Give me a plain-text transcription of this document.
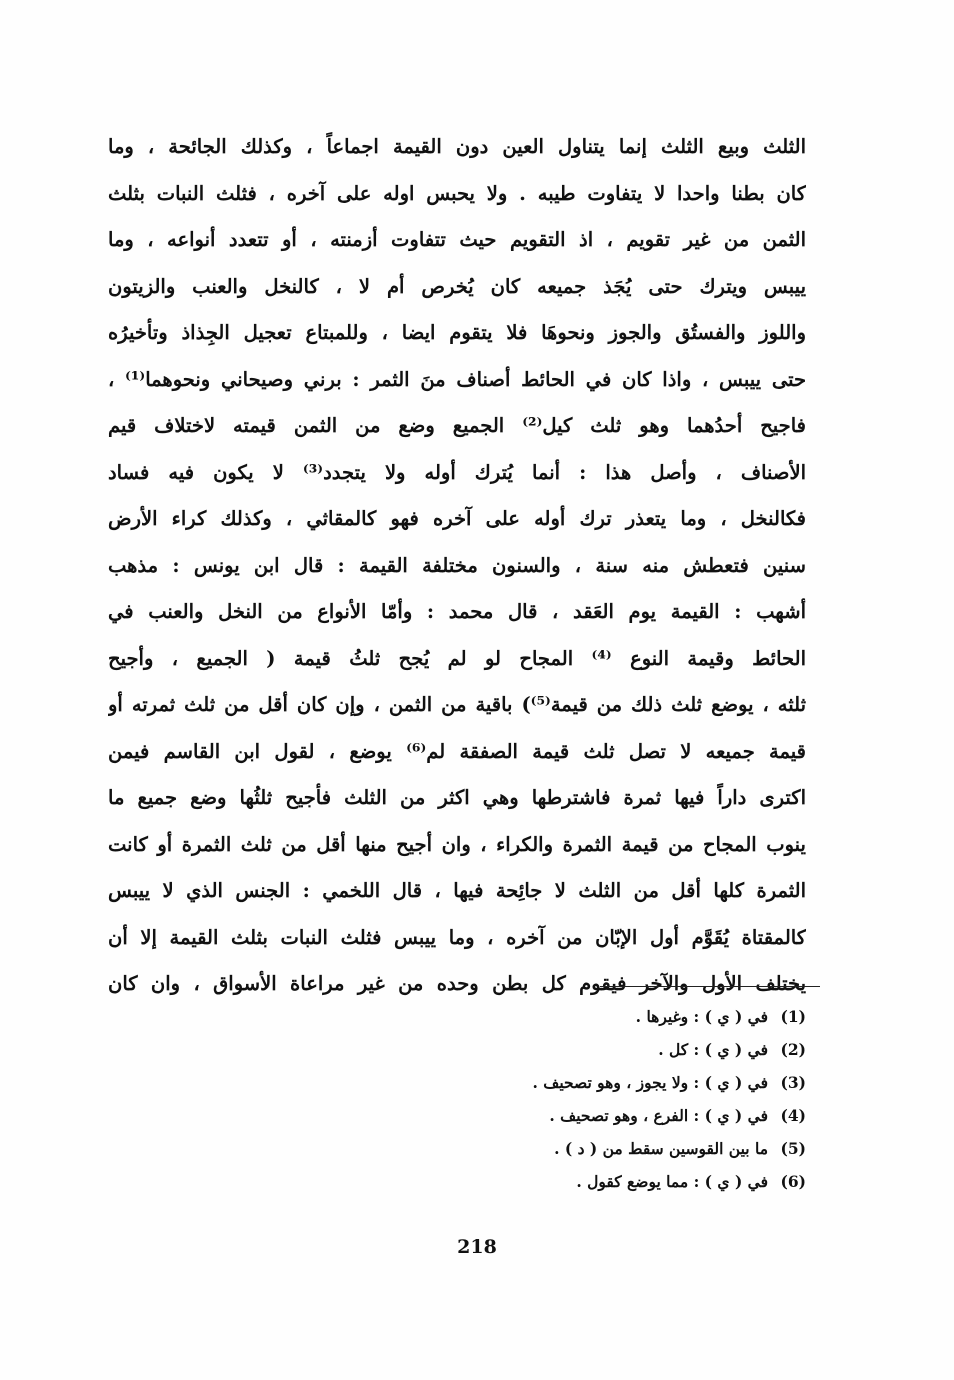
الثلث وبيع الثلث إنما يتناول العين دون القيمة اجماعاً ، وكذلك الجائحة ، وما
كان بطنا واحدا لا يتفاوت طيبه . ولا يحبس اوله على آخره ، فثلث النبات بثلث
الثمن من غير تقويم ، اذ التقويم حيث تتفاوت أزمنته ، أو تتعدد أنواعه ، وما
ييبس ويترك حتى يُجَذ جميعه كان يُخرص أم لا ، كالنخل والعنب والزيتون
واللوز والفستُق والجوز ونحوهَا فلا يتقوم ايضا ، وللمبتاع تعجيل الجِذاذ وتأخيرُه
حتى ييبس ، واذا كان في الحائط أصناف منَ الثمر : برني وصيحاني ونحوهما⁽¹⁾ ،
فاجيح أحدُهما وهو ثلث كيل⁽²⁾ الجميع وضع من الثمن قيمته لاختلاف قيم
الأصناف ، وأصل هذا : أنما يُترك أوله ولا يتجدد⁽³⁾ لا يكون فيه فساد
فكالنخل ، وما يتعذر ترك أوله على آخره فهو كالمقاثي ، وكذلك كراء الأرض
سنين فتعطش منه سنة ، والسنون مختلفة القيمة : قال ابن يونس : مذهب
أشهب : القيمة يوم العَقد ، قال محمد : وأمّا الأنواع من النخل والعنب في
الحائط وقيمة النوع ⁽⁴⁾ المجاح لو لم يُجح ثلثُ قيمة ( الجميع ، وأجيح
ثلثه ، يوضع ثلث ذلك من قيمة⁽⁵⁾) باقية من الثمن ، وإن كان أقل من ثلث ثمرته أو
قيمة جميعه لا تصل ثلث قيمة الصفقة لم⁽⁶⁾ يوضع ، لقول ابن القاسم فيمن
اكترى داراً فيها ثمرة فاشترطها وهي اكثر من الثلث فأجيح ثلثُها وضع جميع ما
ينوب المجاح من قيمة الثمرة والكراء ، وان أجيح منها أقل من ثلث الثمرة أو كانت
الثمرة كلها أقل من الثلث لا جائِحة فيها ، قال اللخمي : الجنس الذي لا ييبس
كالمقتاة يُقَوَّم أول الإبّان من آخره ، وما ييبس فثلث النبات بثلث القيمة إلا أن
يختلف الأول والآخر فيقوم كل بطن وحده من غير مراعاة الأسواق ، وان كان
(1)في ( ي ) : وغيرها .
(2)في ( ي ) : كل .
(3)في ( ي ) : ولا يجوز ، وهو تصحيف .
(4)في ( ي ) : الفرع ، وهو تصحيف .
(5)ما بين القوسين سقط من ( د ) .
(6)في ( ي ) : مما يوضع كقول .
218
